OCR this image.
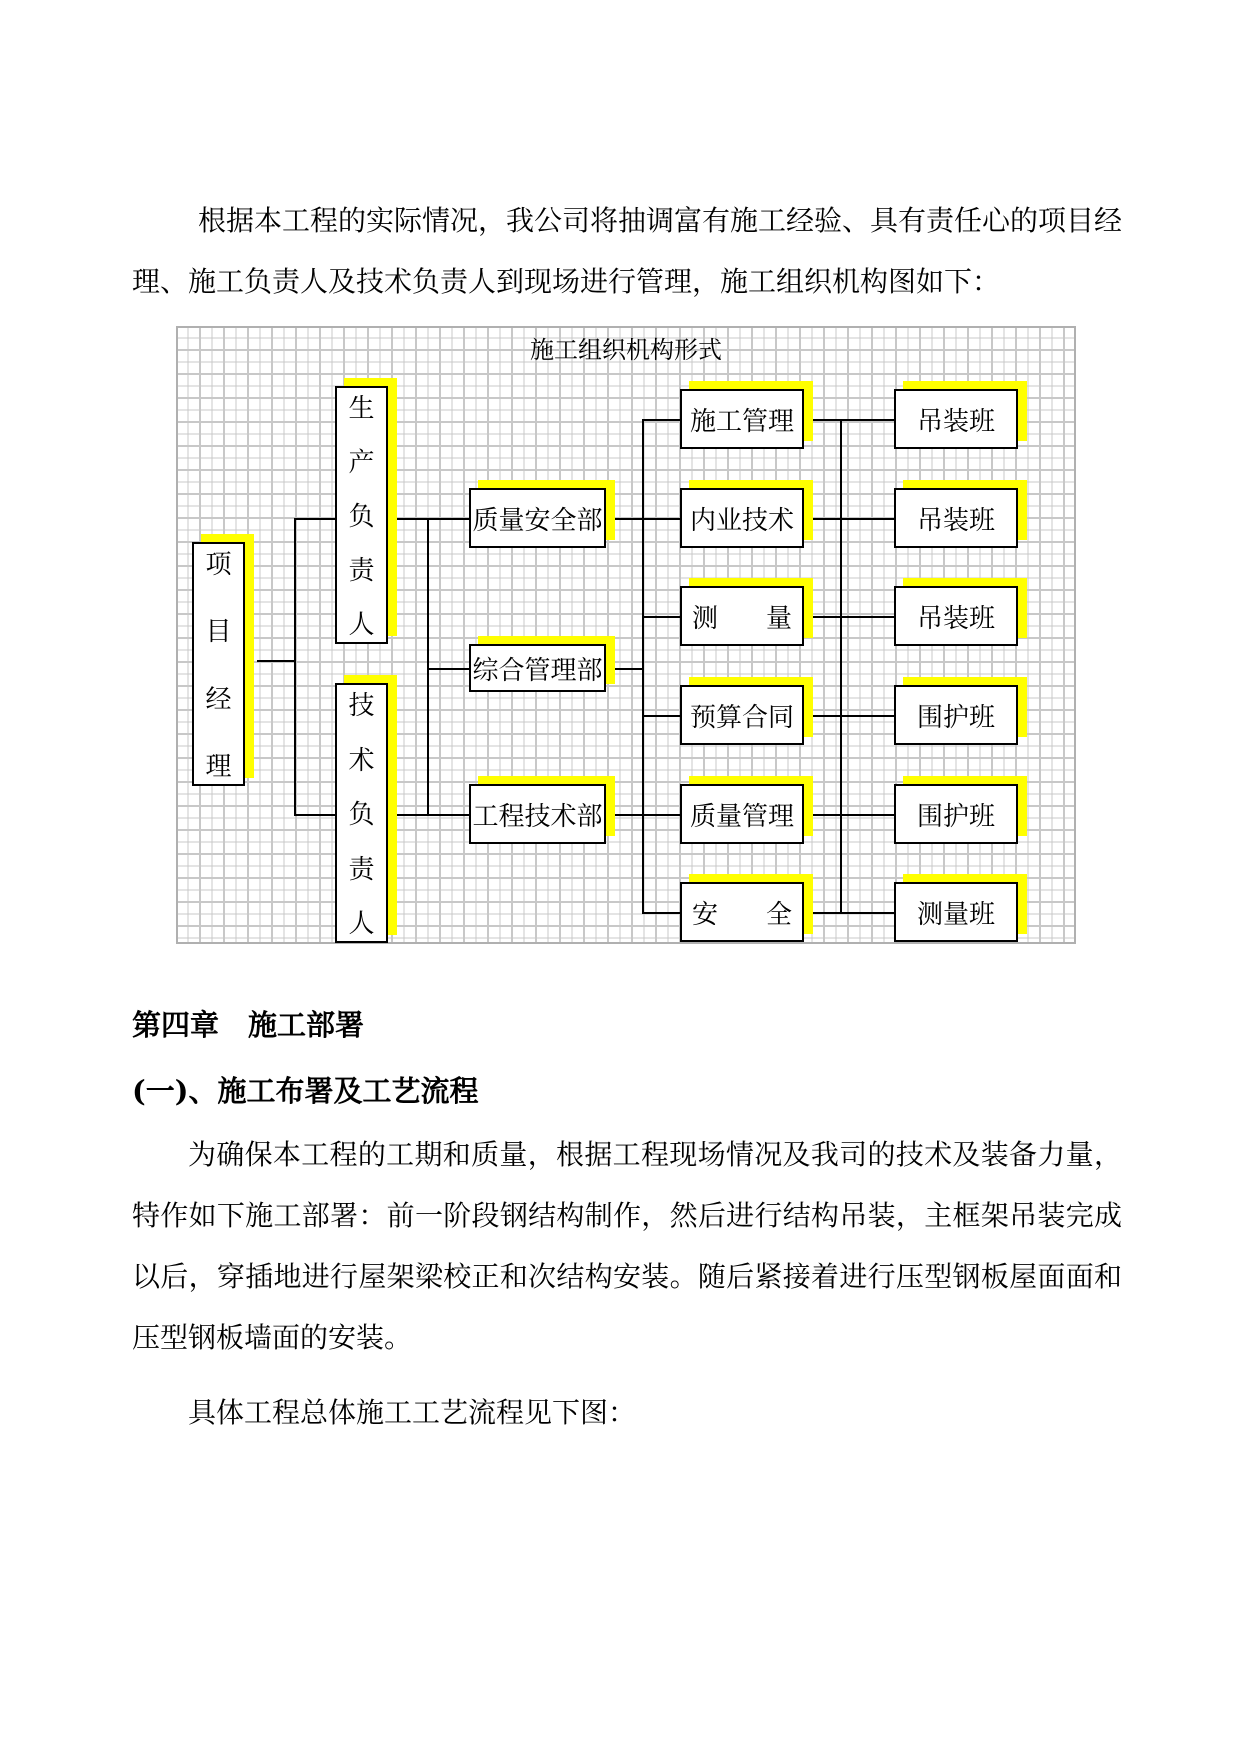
根据本工程的实际情况，我公司将抽调富有施工经验、具有责任心的项目经理、施工负责人及技术负责人到现场进行管理，施工组织机构图如下：

施工组织机构形式
项
目
经
理
生
产
负
责
人
技
术
负
责
人
质量安全部
综合管理部
工程技术部
施工管理
内业技术
测 量
预算合同
质量管理
安 全
吊装班
吊装班
吊装班
围护班
围护班
测量班
第四章　施工部署
(一)、施工布署及工艺流程

为确保本工程的工期和质量，根据工程现场情况及我司的技术及装备力量，特作如下施工部署：前一阶段钢结构制作，然后进行结构吊装，主框架吊装完成以后，穿插地进行屋架梁校正和次结构安装。随后紧接着进行压型钢板屋面面和压型钢板墙面的安装。

具体工程总体施工工艺流程见下图：
